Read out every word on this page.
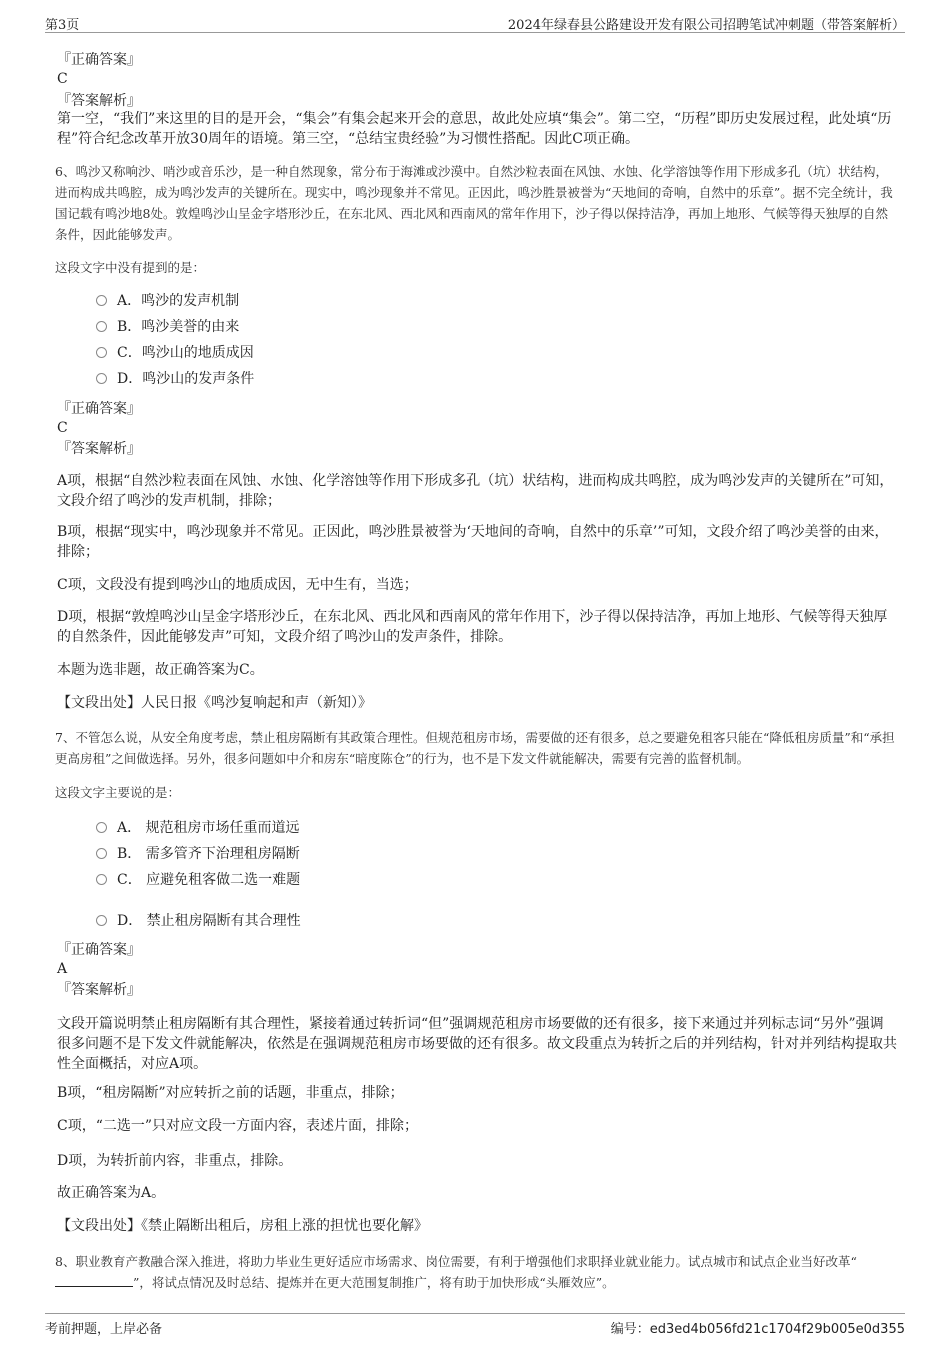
第3页	2024年绿春县公路建设开发有限公司招聘笔试冲刺题（带答案解析）
『正确答案』
C
『答案解析』

第一空，“我们”来这里的目的是开会，“集会”有集会起来开会的意思，故此处应填“集会”。第二空，“历程”即历史发展过程，此处填“历程”符合纪念改革开放30周年的语境。第三空，“总结宝贵经验”为习惯性搭配。因此C项正确。

6、鸣沙又称响沙、哨沙或音乐沙，是一种自然现象，常分布于海滩或沙漠中。自然沙粒表面在风蚀、水蚀、化学溶蚀等作用下形成多孔（坑）状结构，进而构成共鸣腔，成为鸣沙发声的关键所在。现实中，鸣沙现象并不常见。正因此，鸣沙胜景被誉为“天地间的奇响，自然中的乐章”。据不完全统计，我国记载有鸣沙地8处。敦煌鸣沙山呈金字塔形沙丘，在东北风、西北风和西南风的常年作用下，沙子得以保持洁净，再加上地形、气候等得天独厚的自然条件，因此能够发声。

这段文字中没有提到的是：
A．鸣沙的发声机制
B．鸣沙美誉的由来
C．鸣沙山的地质成因
D．鸣沙山的发声条件
『正确答案』
C
『答案解析』

A项，根据“自然沙粒表面在风蚀、水蚀、化学溶蚀等作用下形成多孔（坑）状结构，进而构成共鸣腔，成为鸣沙发声的关键所在”可知，文段介绍了鸣沙的发声机制，排除；

B项，根据“现实中，鸣沙现象并不常见。正因此，鸣沙胜景被誉为‘天地间的奇响，自然中的乐章’”可知，文段介绍了鸣沙美誉的由来，排除；

C项，文段没有提到鸣沙山的地质成因，无中生有，当选；

D项，根据“敦煌鸣沙山呈金字塔形沙丘，在东北风、西北风和西南风的常年作用下，沙子得以保持洁净，再加上地形、气候等得天独厚的自然条件，因此能够发声”可知，文段介绍了鸣沙山的发声条件，排除。

本题为选非题，故正确答案为C。

【文段出处】人民日报《鸣沙复响起和声（新知）》

7、不管怎么说，从安全角度考虑，禁止租房隔断有其政策合理性。但规范租房市场，需要做的还有很多，总之要避免租客只能在“降低租房质量”和“承担更高房租”之间做选择。另外，很多问题如中介和房东“暗度陈仓”的行为，也不是下发文件就能解决，需要有完善的监督机制。

这段文字主要说的是：
A． 规范租房市场任重而道远
B． 需多管齐下治理租房隔断
C． 应避免租客做二选一难题
D． 禁止租房隔断有其合理性
『正确答案』
A
『答案解析』

文段开篇说明禁止租房隔断有其合理性，紧接着通过转折词“但”强调规范租房市场要做的还有很多，接下来通过并列标志词“另外”强调很多问题不是下发文件就能解决，依然是在强调规范租房市场要做的还有很多。故文段重点为转折之后的并列结构，针对并列结构提取共性全面概括，对应A项。

B项，“租房隔断”对应转折之前的话题，非重点，排除；

C项，“二选一”只对应文段一方面内容，表述片面，排除；

D项，为转折前内容，非重点，排除。

故正确答案为A。

【文段出处】《禁止隔断出租后，房租上涨的担忧也要化解》

8、职业教育产教融合深入推进，将助力毕业生更好适应市场需求、岗位需要，有利于增强他们求职择业就业能力。试点城市和试点企业当好改革“”，将试点情况及时总结、提炼并在更大范围复制推广，将有助于加快形成“头雁效应”。

考前押题，上岸必备	编号：ed3ed4b056fd21c1704f29b005e0d355
